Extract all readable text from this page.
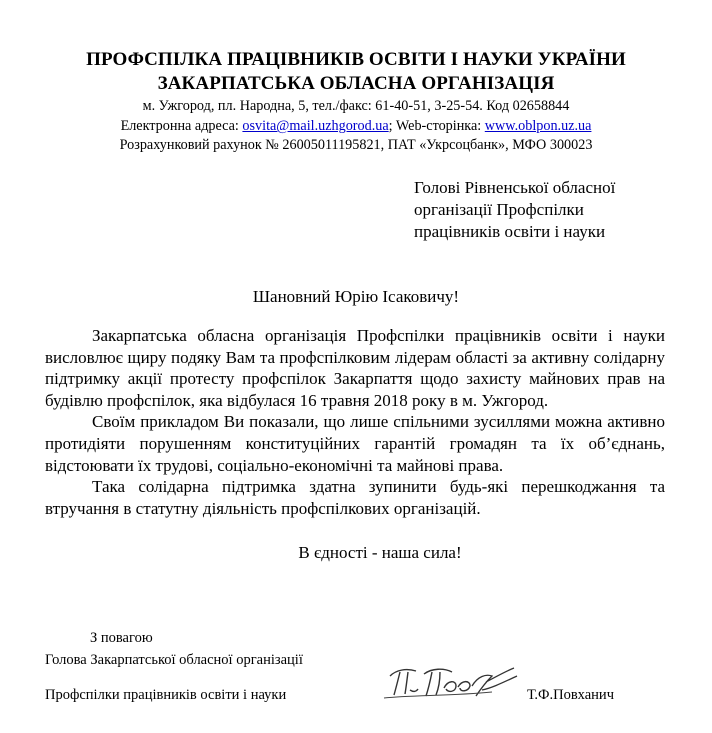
ПРОФСПІЛКА ПРАЦІВНИКІВ ОСВІТИ І НАУКИ УКРАЇНИ
ЗАКАРПАТСЬКА ОБЛАСНА ОРГАНІЗАЦІЯ
м. Ужгород, пл. Народна, 5, тел./факс: 61-40-51, 3-25-54. Код 02658844
Електронна адреса: osvita@mail.uzhgorod.ua; Web-сторінка: www.oblpon.uz.ua
Розрахунковий рахунок № 26005011195821, ПАТ «Укрсоцбанк», МФО 300023
Голові Рівненської обласної
організації Профспілки
працівників освіти і науки
Шановний Юрію Ісаковичу!

Закарпатська обласна організація Профспілки працівників освіти і науки висловлює щиру подяку Вам та профспілковим лідерам області за активну солідарну підтримку акції протесту профспілок Закарпаття щодо захисту майнових прав на будівлю профспілок, яка відбулася 16 травня 2018 року в м. Ужгород.

Своїм прикладом Ви показали, що лише спільними зусиллями можна активно протидіяти порушенням конституційних гарантій громадян та їх об’єднань, відстоювати їх трудові, соціально-економічні та майнові права.

Така солідарна підтримка здатна зупинити будь-які перешкоджання та втручання в статутну діяльність профспілкових організацій.

В єдності - наша сила!
З повагою
Голова Закарпатської обласної організації
Профспілки працівників освіти і науки	Т.Ф.Повханич
